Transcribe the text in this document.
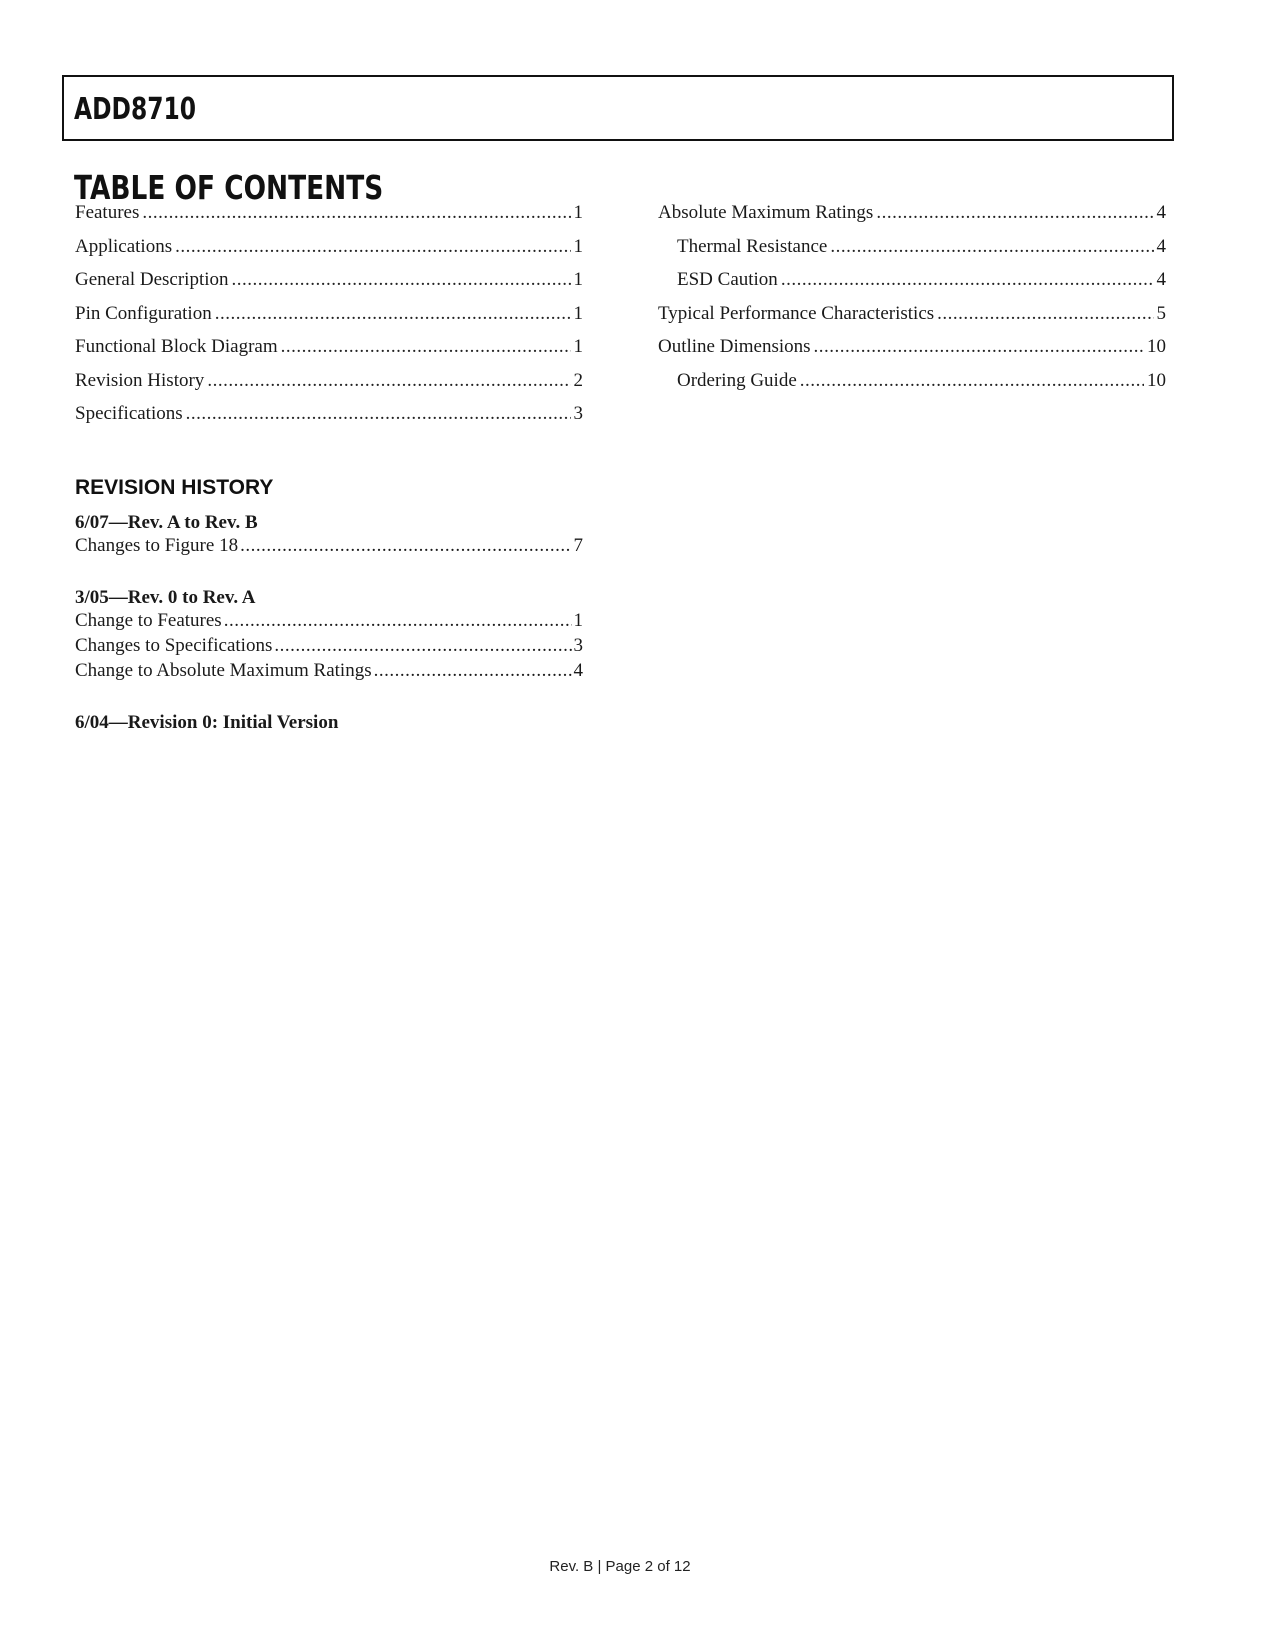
ADD8710
TABLE OF CONTENTS
Features .....	1
Applications .....	1
General Description .....	1
Pin Configuration .....	1
Functional Block Diagram .....	1
Revision History .....	2
Specifications .....	3
Absolute Maximum Ratings .....	4
Thermal Resistance .....	4
ESD Caution .....	4
Typical Performance Characteristics .....	5
Outline Dimensions .....	10
Ordering Guide .....	10
REVISION HISTORY
6/07—Rev. A to Rev. B
Changes to Figure 18 .....	7
3/05—Rev. 0 to Rev. A
Change to Features .....	1
Changes to Specifications .....	3
Change to Absolute Maximum Ratings .....	4
6/04—Revision 0: Initial Version
Rev. B | Page 2 of 12
